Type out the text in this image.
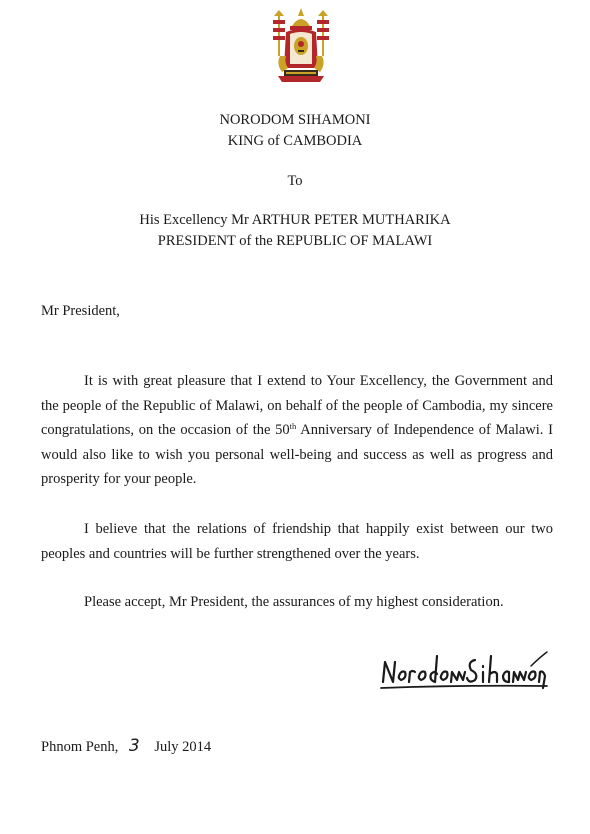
NORODOM SIHAMONI
KING of CAMBODIA
To
His Excellency Mr ARTHUR PETER MUTHARIKA
PRESIDENT of the REPUBLIC OF MALAWI
Mr President,
It is with great pleasure that I extend to Your Excellency, the Government and the people of the Republic of Malawi, on behalf of the people of Cambodia, my sincere congratulations, on the occasion of the 50th Anniversary of Independence of Malawi. I would also like to wish you personal well-being and success as well as progress and prosperity for your people.
I believe that the relations of friendship that happily exist between our two peoples and countries will be further strengthened over the years.
Please accept, Mr President, the assurances of my highest consideration.
Phnom Penh, 3 July 2014
